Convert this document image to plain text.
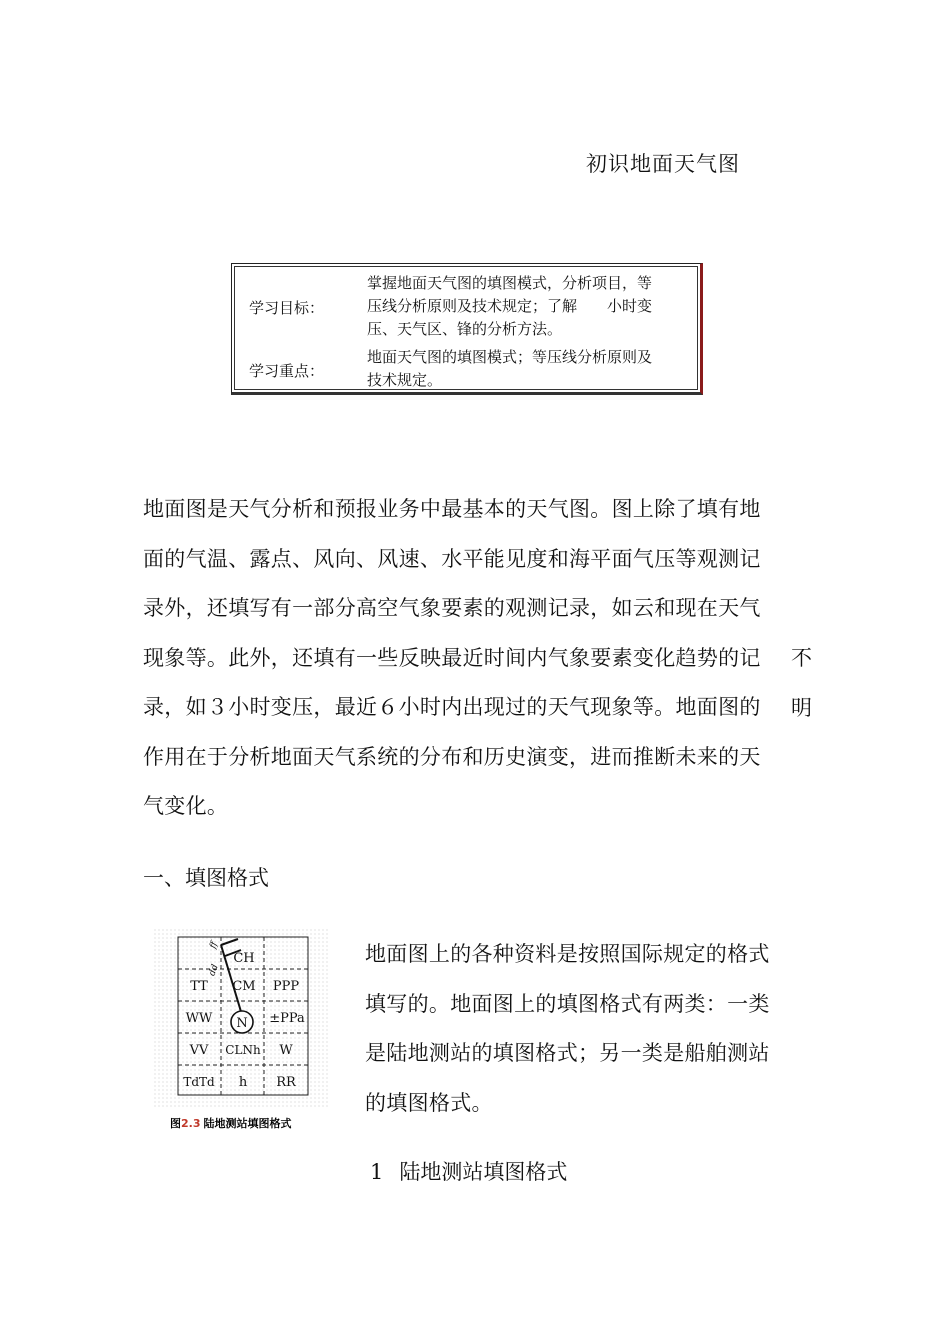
初识地面天气图
学习目标：
掌握地面天气图的填图模式，分析项目，等
压线分析原则及技术规定；了解　　小时变
压、天气区、锋的分析方法。
学习重点：
地面天气图的填图模式；等压线分析原则及
技术规定。
地面图是天气分析和预报业务中最基本的天气图。图上除了填有地
面的气温、露点、风向、风速、水平能见度和海平面气压等观测记
录外，还填写有一部分高空气象要素的观测记录，如云和现在天气
现象等。此外，还填有一些反映最近时间内气象要素变化趋势的记
录，如３小时变压，最近６小时内出现过的天气现象等。地面图的
作用在于分析地面天气系统的分布和历史演变，进而推断未来的天
气变化。
不
明
一、填图格式
ff
dd
CH
TT CM PPP
WW N ±PPa
VV CLNh W
TdTd h RR
图2.3 陆地测站填图格式
地面图上的各种资料是按照国际规定的格式
填写的。地面图上的填图格式有两类：一类
是陆地测站的填图格式；另一类是船舶测站
的填图格式。
1 陆地测站填图格式
